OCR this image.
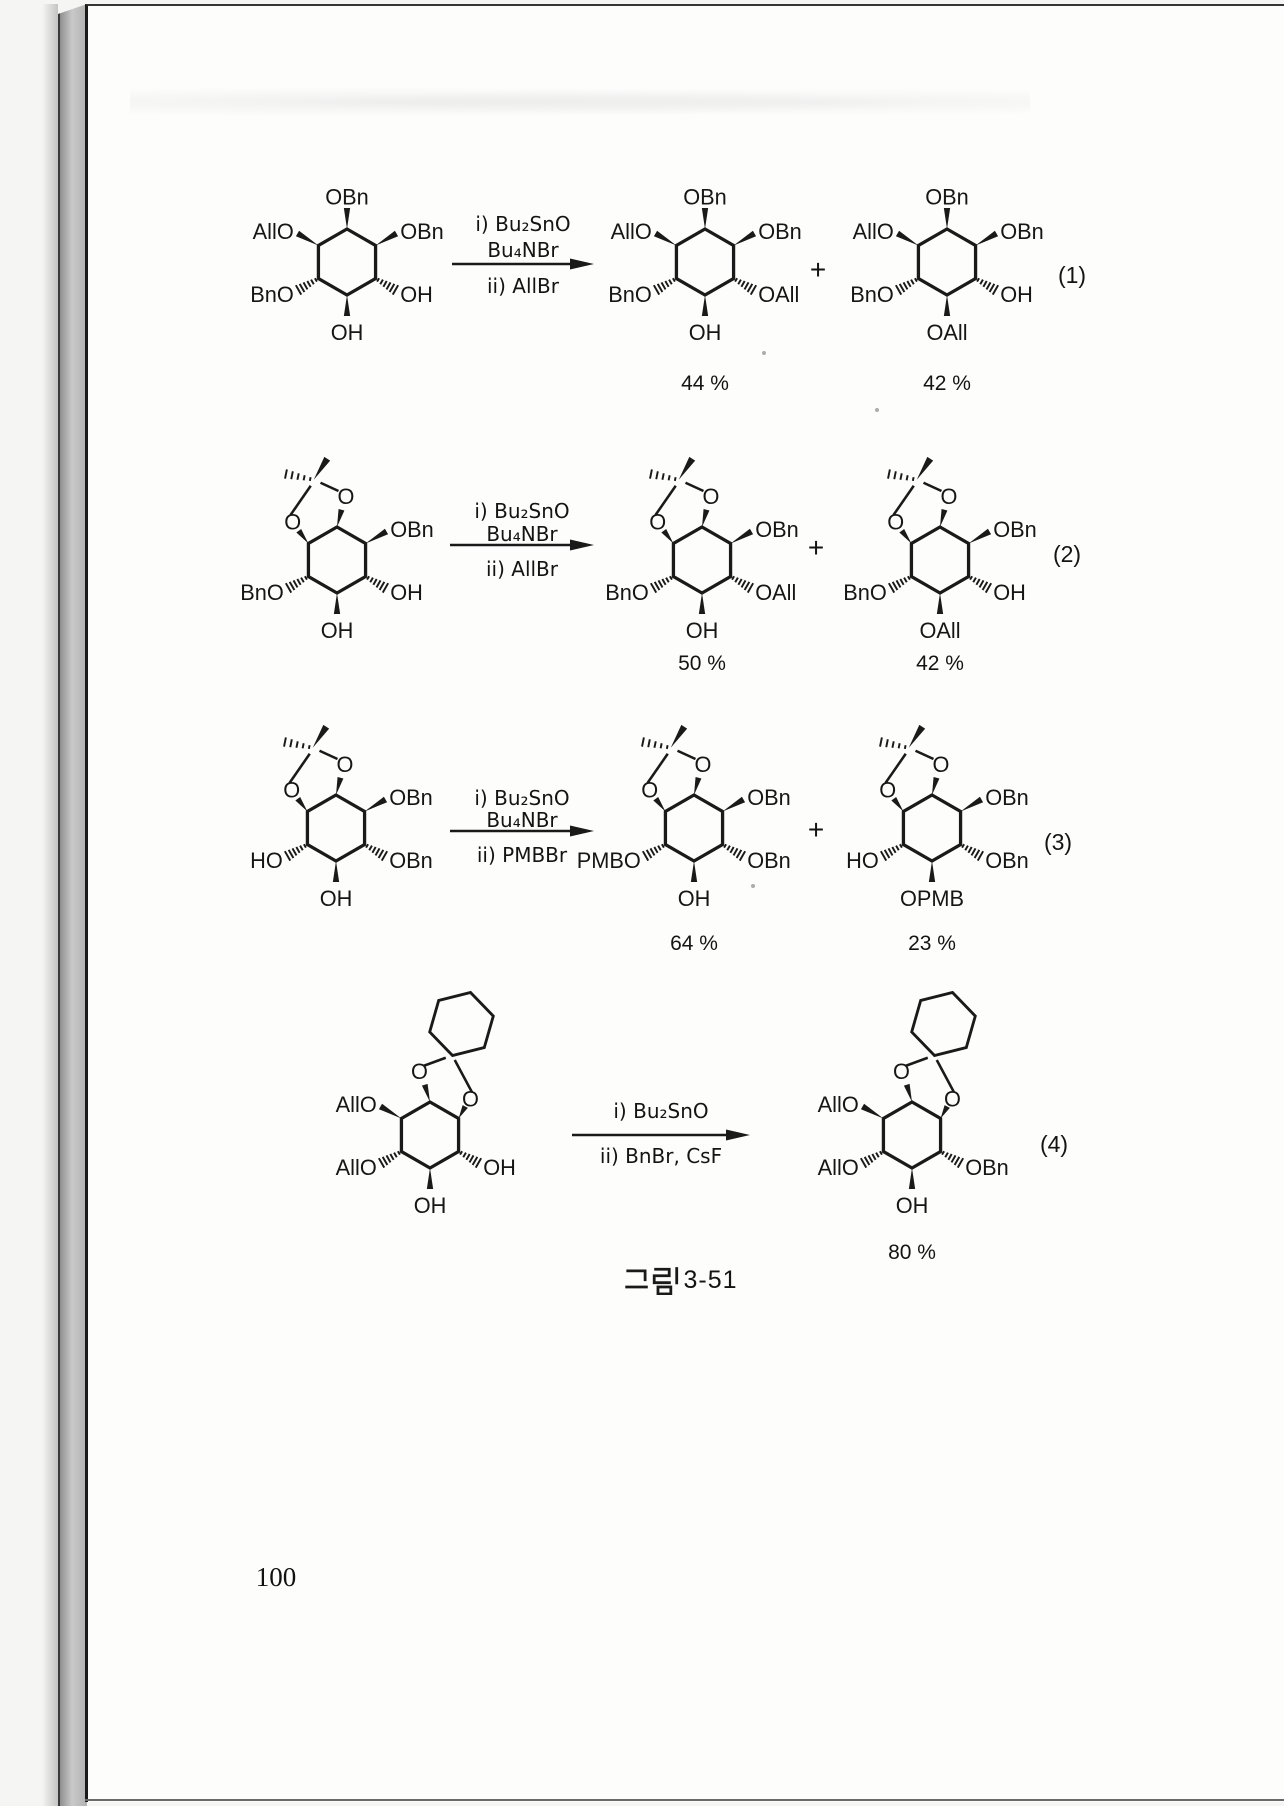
OBn
OBn
OH
OH
BnO
AllO
OBn
OBn
OAll
OH
BnO
AllO
44 %
OBn
OBn
OH
OAll
BnO
AllO
42 %
i) Bu₂SnO
Bu₄NBr
ii) AllBr
+	(1)
OBn
OH
OH
BnO
O
O	OBn
OAll
OH
BnO
O
O
50 %
OBn
OH
OAll
BnO
O
O
42 %
i) Bu₂SnO
Bu₄NBr
ii) AllBr
+	(2)
OBn
OBn
OH
HO
O
O	OBn
OBn
OH
PMBO
O
O
64 %
OBn
OBn
OPMB
HO
O
O
23 %
i) Bu₂SnO
Bu₄NBr
ii) PMBBr
+	(3)
OH
OH
AllO
AllO
O
O
OBn
OH
AllO
AllO
O
O
80 %
i) Bu₂SnO
ii) BnBr, CsF	(4)
3-51
100
